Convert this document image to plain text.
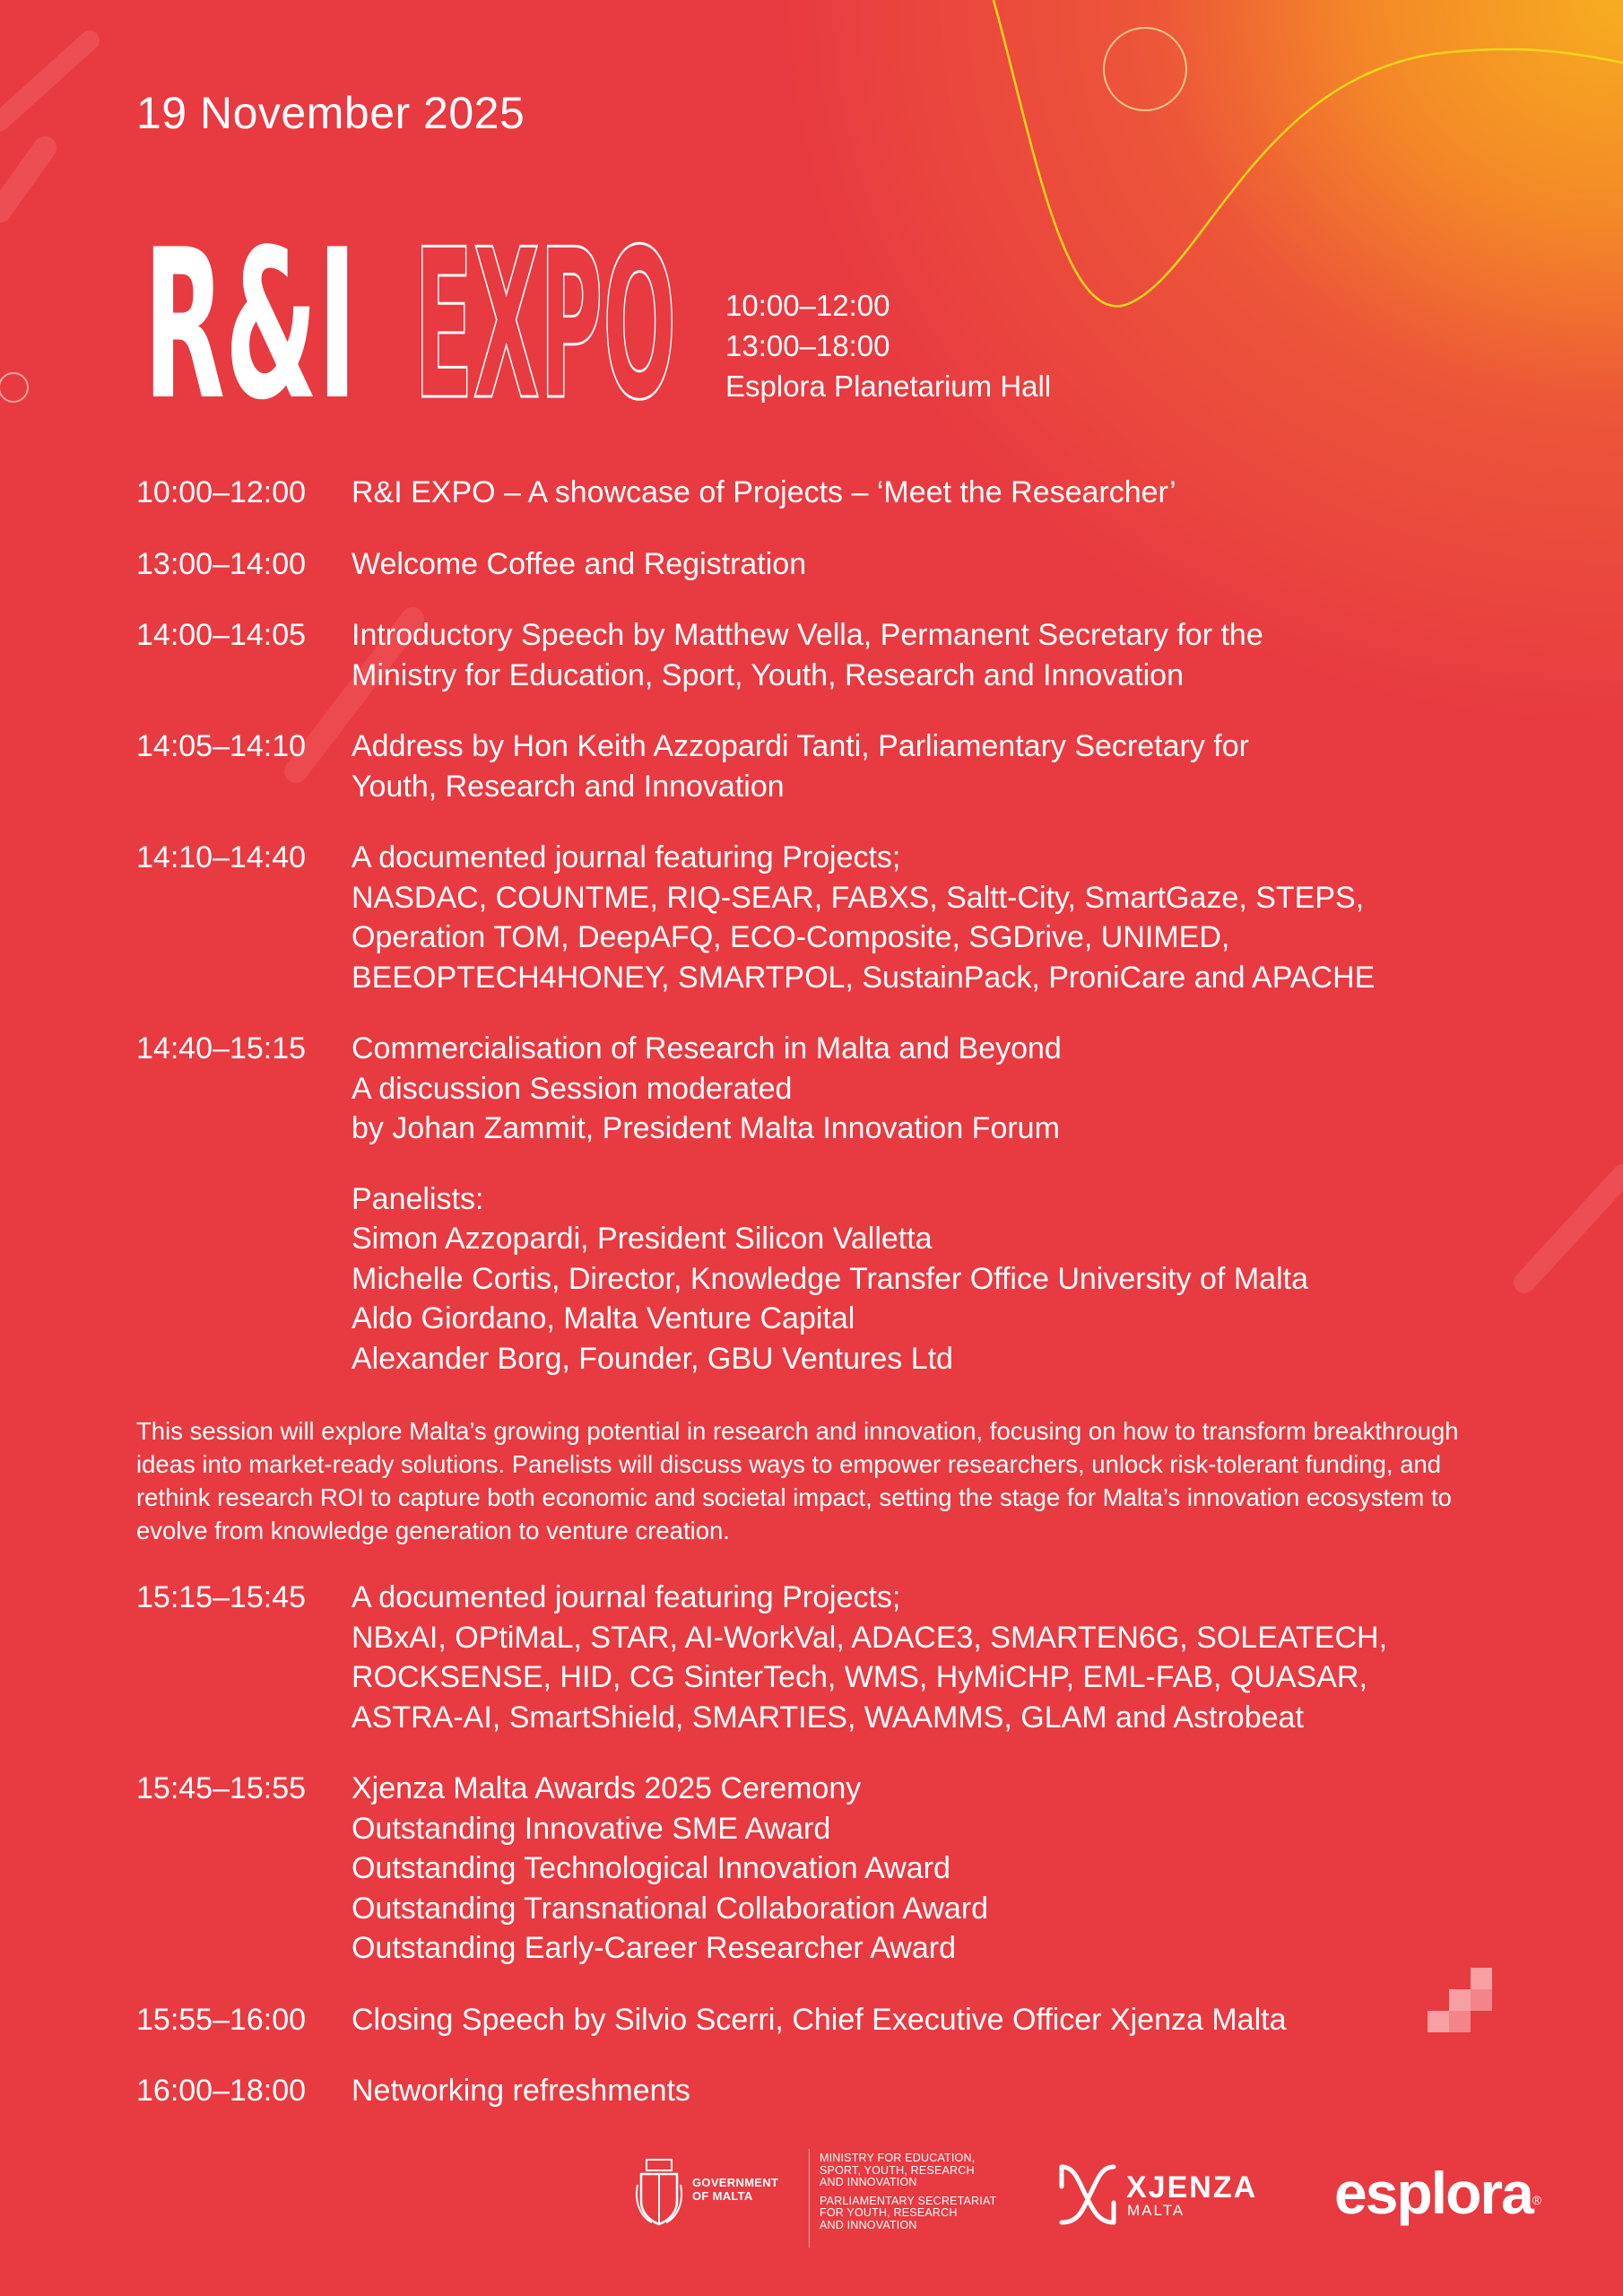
19 November 2025
R&I EXPO 10:00–12:00
13:00–18:00
Esplora Planetarium Hall
10:00–12:00	R&I EXPO – A showcase of Projects – ‘Meet the Researcher’
13:00–14:00	Welcome Coffee and Registration
14:00–14:05	Introductory Speech by Matthew Vella, Permanent Secretary for the
Ministry for Education, Sport, Youth, Research and Innovation
14:05–14:10	Address by Hon Keith Azzopardi Tanti, Parliamentary Secretary for
Youth, Research and Innovation
14:10–14:40	A documented journal featuring Projects;
NASDAC, COUNTME, RIQ-SEAR, FABXS, Saltt-City, SmartGaze, STEPS,
Operation TOM, DeepAFQ, ECO-Composite, SGDrive, UNIMED,
BEEOPTECH4HONEY, SMARTPOL, SustainPack, ProniCare and APACHE
14:40–15:15	Commercialisation of Research in Malta and Beyond
A discussion Session moderated
by Johan Zammit, President Malta Innovation Forum
Panelists:
Simon Azzopardi, President Silicon Valletta
Michelle Cortis, Director, Knowledge Transfer Office University of Malta
Aldo Giordano, Malta Venture Capital
Alexander Borg, Founder, GBU Ventures Ltd
This session will explore Malta’s growing potential in research and innovation, focusing on how to transform breakthrough ideas into market-ready solutions. Panelists will discuss ways to empower researchers, unlock risk-tolerant funding, and rethink research ROI to capture both economic and societal impact, setting the stage for Malta’s innovation ecosystem to evolve from knowledge generation to venture creation.
15:15–15:45	A documented journal featuring Projects;
NBxAI, OPtiMaL, STAR, AI-WorkVal, ADACE3, SMARTEN6G, SOLEATECH,
ROCKSENSE, HID, CG SinterTech, WMS, HyMiCHP, EML-FAB, QUASAR,
ASTRA-AI, SmartShield, SMARTIES, WAAMMS, GLAM and Astrobeat
15:45–15:55	Xjenza Malta Awards 2025 Ceremony
Outstanding Innovative SME Award
Outstanding Technological Innovation Award
Outstanding Transnational Collaboration Award
Outstanding Early-Career Researcher Award
15:55–16:00	Closing Speech by Silvio Scerri, Chief Executive Officer Xjenza Malta
16:00–18:00	Networking refreshments
GOVERNMENT
OF MALTA
MINISTRY FOR EDUCATION,
SPORT, YOUTH, RESEARCH
AND INNOVATION
PARLIAMENTARY SECRETARIAT
FOR YOUTH, RESEARCH
AND INNOVATION
XJENZA
MALTA	esplora®
